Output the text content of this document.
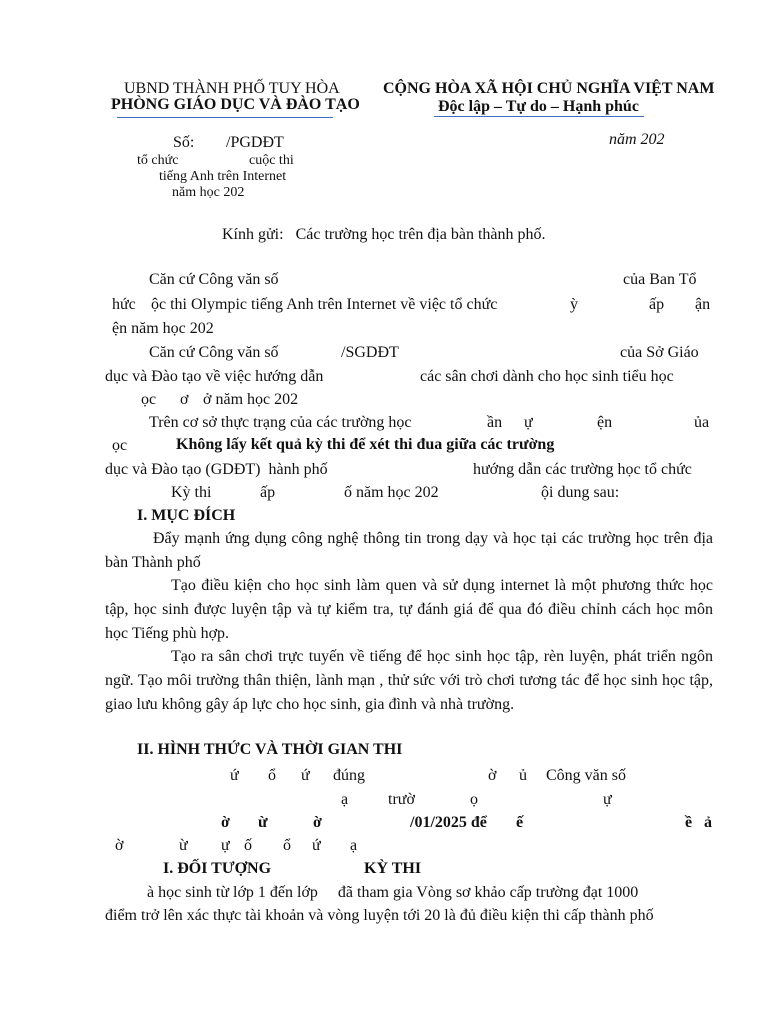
UBND THÀNH PHỐ TUY HÒA
PHÒNG GIÁO DỤC VÀ ĐÀO TẠO
CỘNG HÒA XÃ HỘI CHỦ NGHĨA VIỆT NAM
Độc lập – Tự do – Hạnh phúc
Số: /PGDĐT	năm 202
tổ chức	cuộc thi
tiếng Anh trên Internet
năm học 202
Kính gửi:   Các trường học trên địa bàn thành phố.
Căn cứ Công văn số	của Ban Tổ
hức ộc thi Olympic tiếng Anh trên Internet về việc tổ chức	ỳ	ấp ận
ện năm học 202
Căn cứ Công văn số	/SGDĐT	của Sở Giáo
dục và Đào tạo về việc hướng dẫn	các sân chơi dành cho học sinh tiểu học
ọc ơ ở năm học 202
Trên cơ sở thực trạng của các trường học	ần ự	ện	ủa
ọc	Không lấy kết quả kỳ thi để xét thi đua giữa các trường
dục và Đào tạo (GDĐT)  hành phố	hướng dẫn các trường học tổ chức
Kỳ thi	ấp	ố năm học 202	ội dung sau:
I. MỤC ĐÍCH
Đẩy mạnh ứng dụng công nghệ thông tin trong dạy và học tại các trường học trên địa bàn Thành phố
Tạo điều kiện cho học sinh làm quen và sử dụng internet là một phương thức học tập, học sinh được luyện tập và tự kiểm tra, tự đánh giá để qua đó điều chỉnh cách học môn học Tiếng phù hợp.
Tạo ra sân chơi trực tuyến về tiếng để học sinh học tập, rèn luyện, phát triển ngôn ngữ. Tạo môi trường thân thiện, lành mạn , thử sức với trò chơi tương tác để học sinh học tập, giao lưu không gây áp lực cho học sinh, gia đình và nhà trường.
II. HÌNH THỨC VÀ THỜI GIAN THI
ứ ổ ứ đúng	ờ ủ Công văn số
ạ trườ	ọ	ự
ờ ừ	ờ	/01/2025 để ế	ề ả
ờ	ừ ự ố ổ ứ ạ
I. ĐỐI TƯỢNG	KỲ THI
à học sinh từ lớp 1 đến lớp     đã tham gia Vòng sơ khảo cấp trường đạt 1000
điểm trở lên xác thực tài khoản và vòng luyện tới 20 là đủ điều kiện thi cấp thành phố
